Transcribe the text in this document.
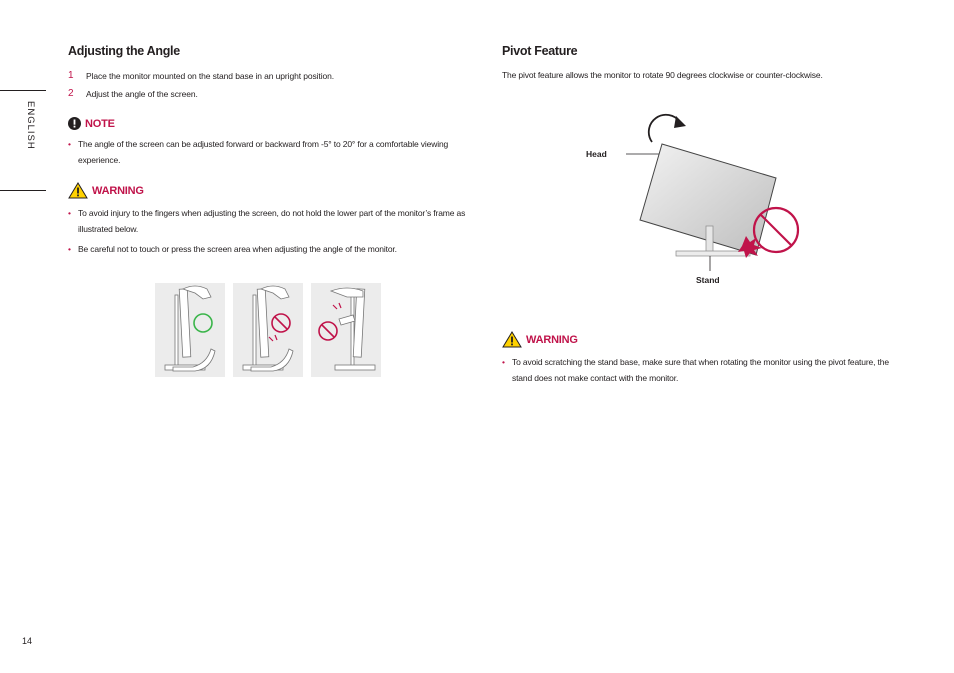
ENGLISH
14
Adjusting the Angle
1	Place the monitor mounted on the stand base in an upright position.
2	Adjust the angle of the screen.
NOTE
• The angle of the screen can be adjusted forward or backward from -5° to 20° for a comfortable viewing experience.
WARNING
• To avoid injury to the fingers when adjusting the screen, do not hold the lower part of the monitor’s frame as illustrated below.
• Be careful not to touch or press the screen area when adjusting the angle of the monitor.
Pivot Feature

The pivot feature allows the monitor to rotate 90 degrees clockwise or counter-clockwise.

Head
Stand
WARNING
• To avoid scratching the stand base, make sure that when rotating the monitor using the pivot feature, the stand does not make contact with the monitor.
